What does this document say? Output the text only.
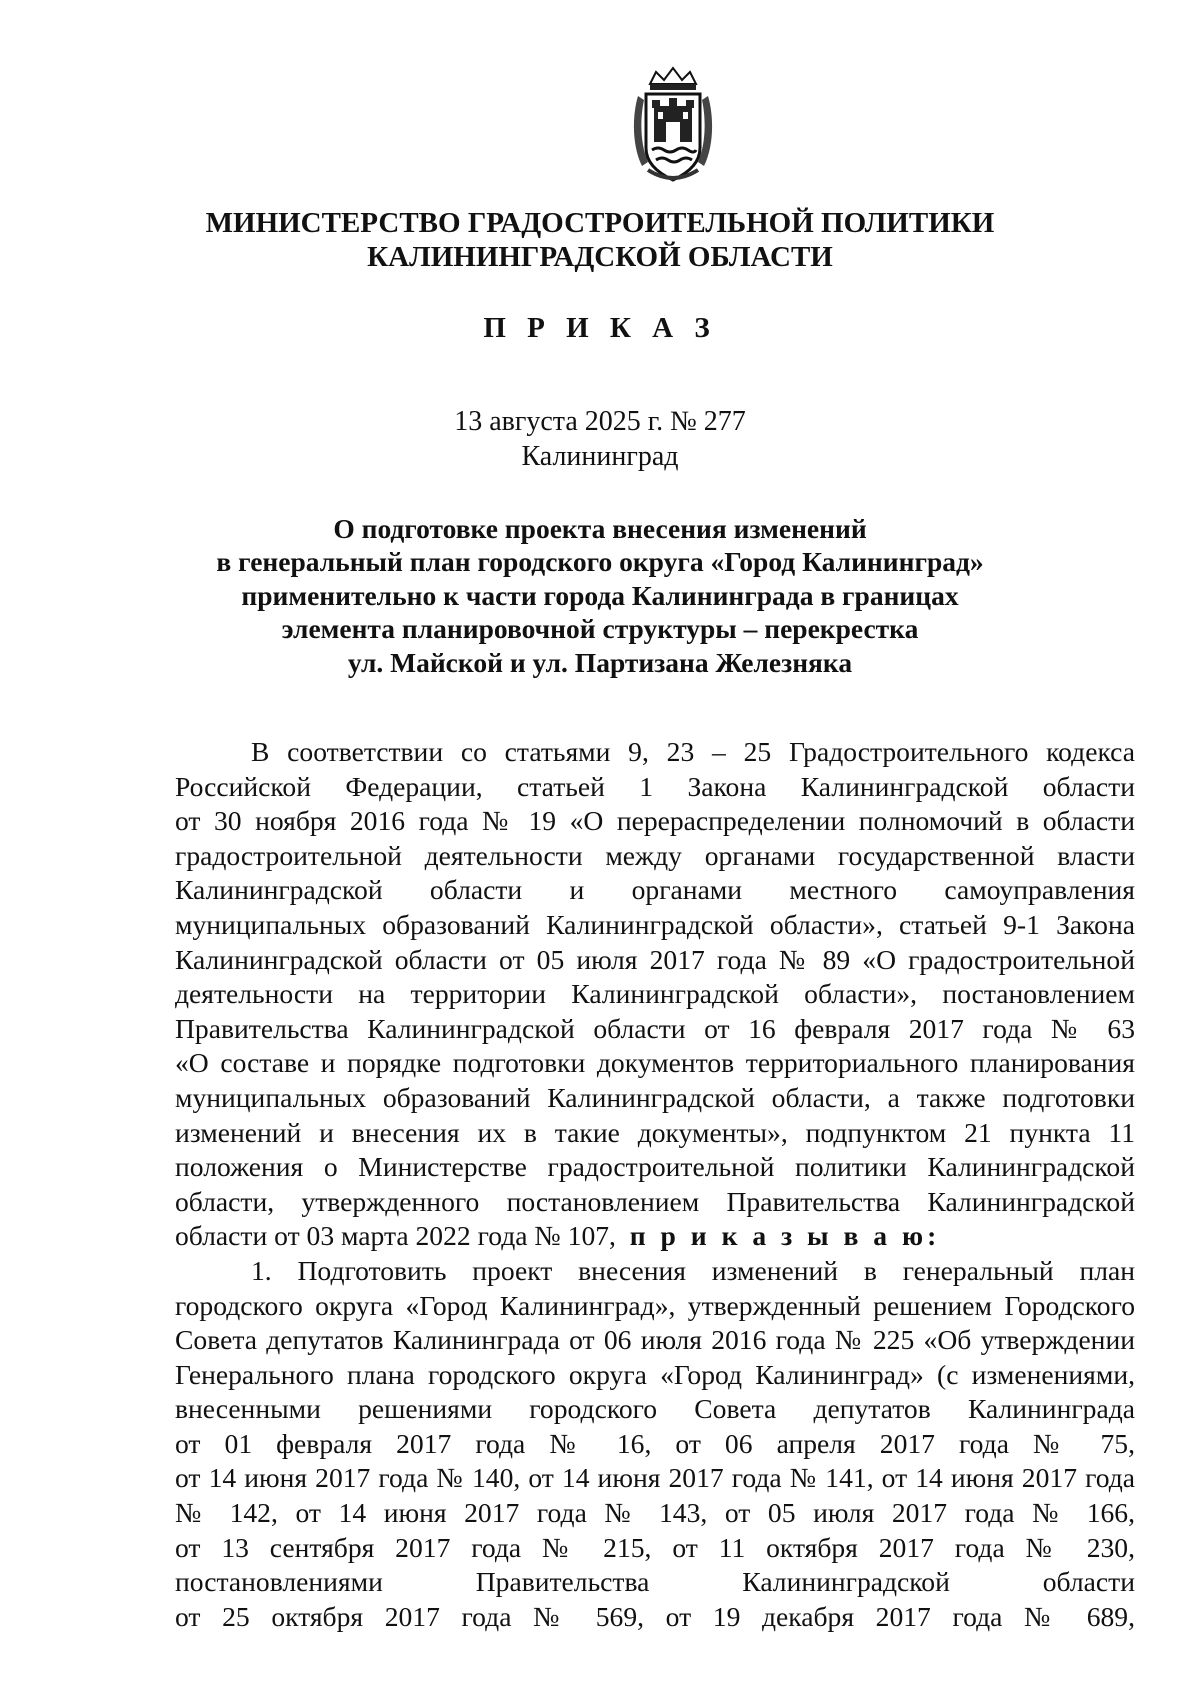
МИНИСТЕРСТВО ГРАДОСТРОИТЕЛЬНОЙ ПОЛИТИКИ
КАЛИНИНГРАДСКОЙ ОБЛАСТИ
П Р И К А З
13 августа 2025 г. № 277
Калининград
О подготовке проекта внесения изменений
в генеральный план городского округа «Город Калининград»
применительно к части города Калининграда в границах
элемента планировочной структуры – перекрестка
ул. Майской и ул. Партизана Железняка
В соответствии со статьями 9, 23 – 25 Градостроительного кодекса
Российской Федерации, статьей 1 Закона Калининградской области
от 30 ноября 2016 года № 19 «О перераспределении полномочий в области
градостроительной деятельности между органами государственной власти
Калининградской области и органами местного самоуправления
муниципальных образований Калининградской области», статьей 9-1 Закона
Калининградской области от 05 июля 2017 года № 89 «О градостроительной
деятельности на территории Калининградской области», постановлением
Правительства Калининградской области от 16 февраля 2017 года № 63
«О составе и порядке подготовки документов территориального планирования
муниципальных образований Калининградской области, а также подготовки
изменений и внесения их в такие документы», подпунктом 21 пункта 11
положения о Министерстве градостроительной политики Калининградской
области, утвержденного постановлением Правительства Калининградской
области от 03 марта 2022 года № 107, п р и к а з ы в а ю:
1. Подготовить проект внесения изменений в генеральный план
городского округа «Город Калининград», утвержденный решением Городского
Совета депутатов Калининграда от 06 июля 2016 года № 225 «Об утверждении
Генерального плана городского округа «Город Калининград» (с изменениями,
внесенными решениями городского Совета депутатов Калининграда
от 01 февраля 2017 года № 16, от 06 апреля 2017 года № 75,
от 14 июня 2017 года № 140, от 14 июня 2017 года № 141, от 14 июня 2017 года
№ 142, от 14 июня 2017 года № 143, от 05 июля 2017 года № 166,
от 13 сентября 2017 года № 215, от 11 октября 2017 года № 230,
постановлениями Правительства Калининградской области
от 25 октября 2017 года № 569, от 19 декабря 2017 года № 689,
